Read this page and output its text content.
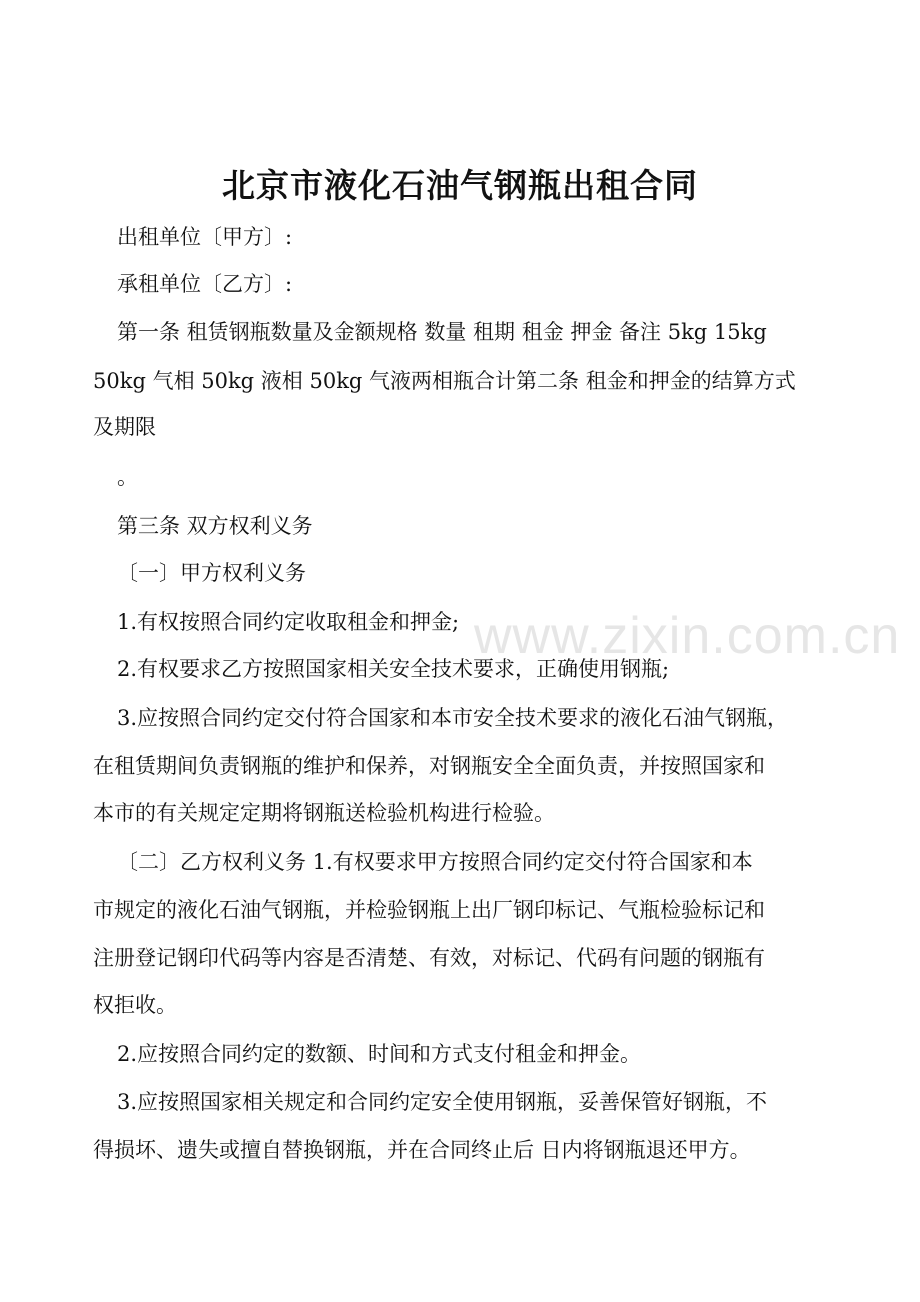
北京市液化石油气钢瓶出租合同
出租单位〔甲方〕:
承租单位〔乙方〕:
第一条 租赁钢瓶数量及金额规格 数量 租期 租金 押金 备注 5kg 15kg
50kg 气相 50kg 液相 50kg 气液两相瓶合计第二条 租金和押金的结算方式
及期限
。
第三条 双方权利义务
〔一〕甲方权利义务
1.有权按照合同约定收取租金和押金;
2.有权要求乙方按照国家相关安全技术要求，正确使用钢瓶;
3.应按照合同约定交付符合国家和本市安全技术要求的液化石油气钢瓶，
在租赁期间负责钢瓶的维护和保养，对钢瓶安全全面负责，并按照国家和
本市的有关规定定期将钢瓶送检验机构进行检验。
〔二〕乙方权利义务 1.有权要求甲方按照合同约定交付符合国家和本
市规定的液化石油气钢瓶，并检验钢瓶上出厂钢印标记、气瓶检验标记和
注册登记钢印代码等内容是否清楚、有效，对标记、代码有问题的钢瓶有
权拒收。
2.应按照合同约定的数额、时间和方式支付租金和押金。
3.应按照国家相关规定和合同约定安全使用钢瓶，妥善保管好钢瓶，不
得损坏、遗失或擅自替换钢瓶，并在合同终止后 日内将钢瓶退还甲方。
www.zixin.com.cn
